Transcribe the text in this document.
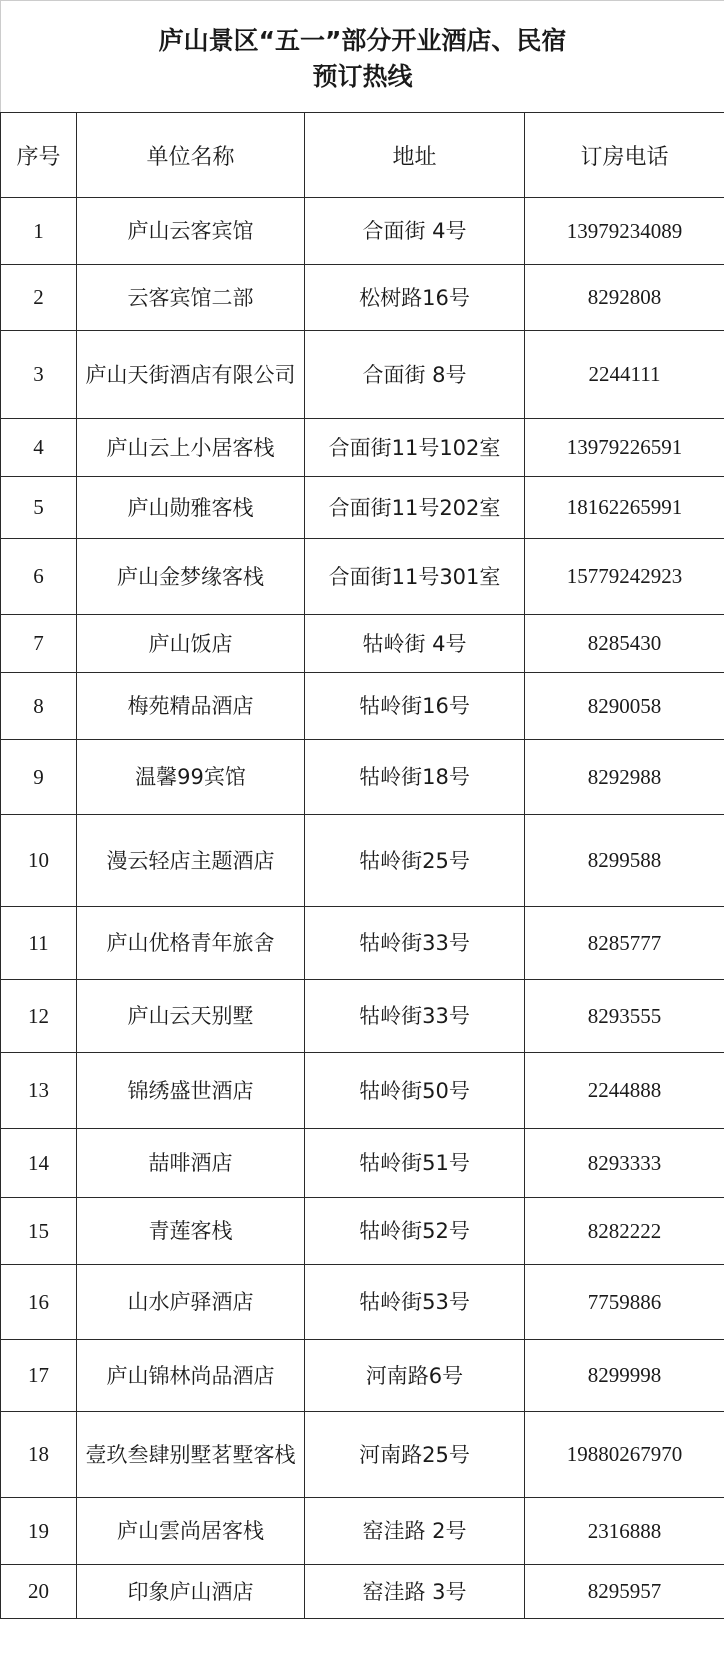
庐山景区“五一”部分开业酒店、民宿
预订热线			

序号	单位名称	地址	订房电话
1	庐山云客宾馆	合面街 4号	13979234089
2	云客宾馆二部	松树路16号	8292808
3	庐山天街酒店有限公司	合面街 8号	2244111
4	庐山云上小居客栈	合面街11号102室	13979226591
5	庐山勋雅客栈	合面街11号202室	18162265991
6	庐山金梦缘客栈	合面街11号301室	15779242923
7	庐山饭店	牯岭街 4号	8285430
8	梅苑精品酒店	牯岭街16号	8290058
9	温馨99宾馆	牯岭街18号	8292988
10	漫云轻店主题酒店	牯岭街25号	8299588
11	庐山优格青年旅舍	牯岭街33号	8285777
12	庐山云天别墅	牯岭街33号	8293555
13	锦绣盛世酒店	牯岭街50号	2244888
14	喆啡酒店	牯岭街51号	8293333
15	青莲客栈	牯岭街52号	8282222
16	山水庐驿酒店	牯岭街53号	7759886
17	庐山锦林尚品酒店	河南路6号	8299998
18	壹玖叁肆别墅茗墅客栈	河南路25号	19880267970
19	庐山雲尚居客栈	窑洼路 2号	2316888
20	印象庐山酒店	窑洼路 3号	8295957
